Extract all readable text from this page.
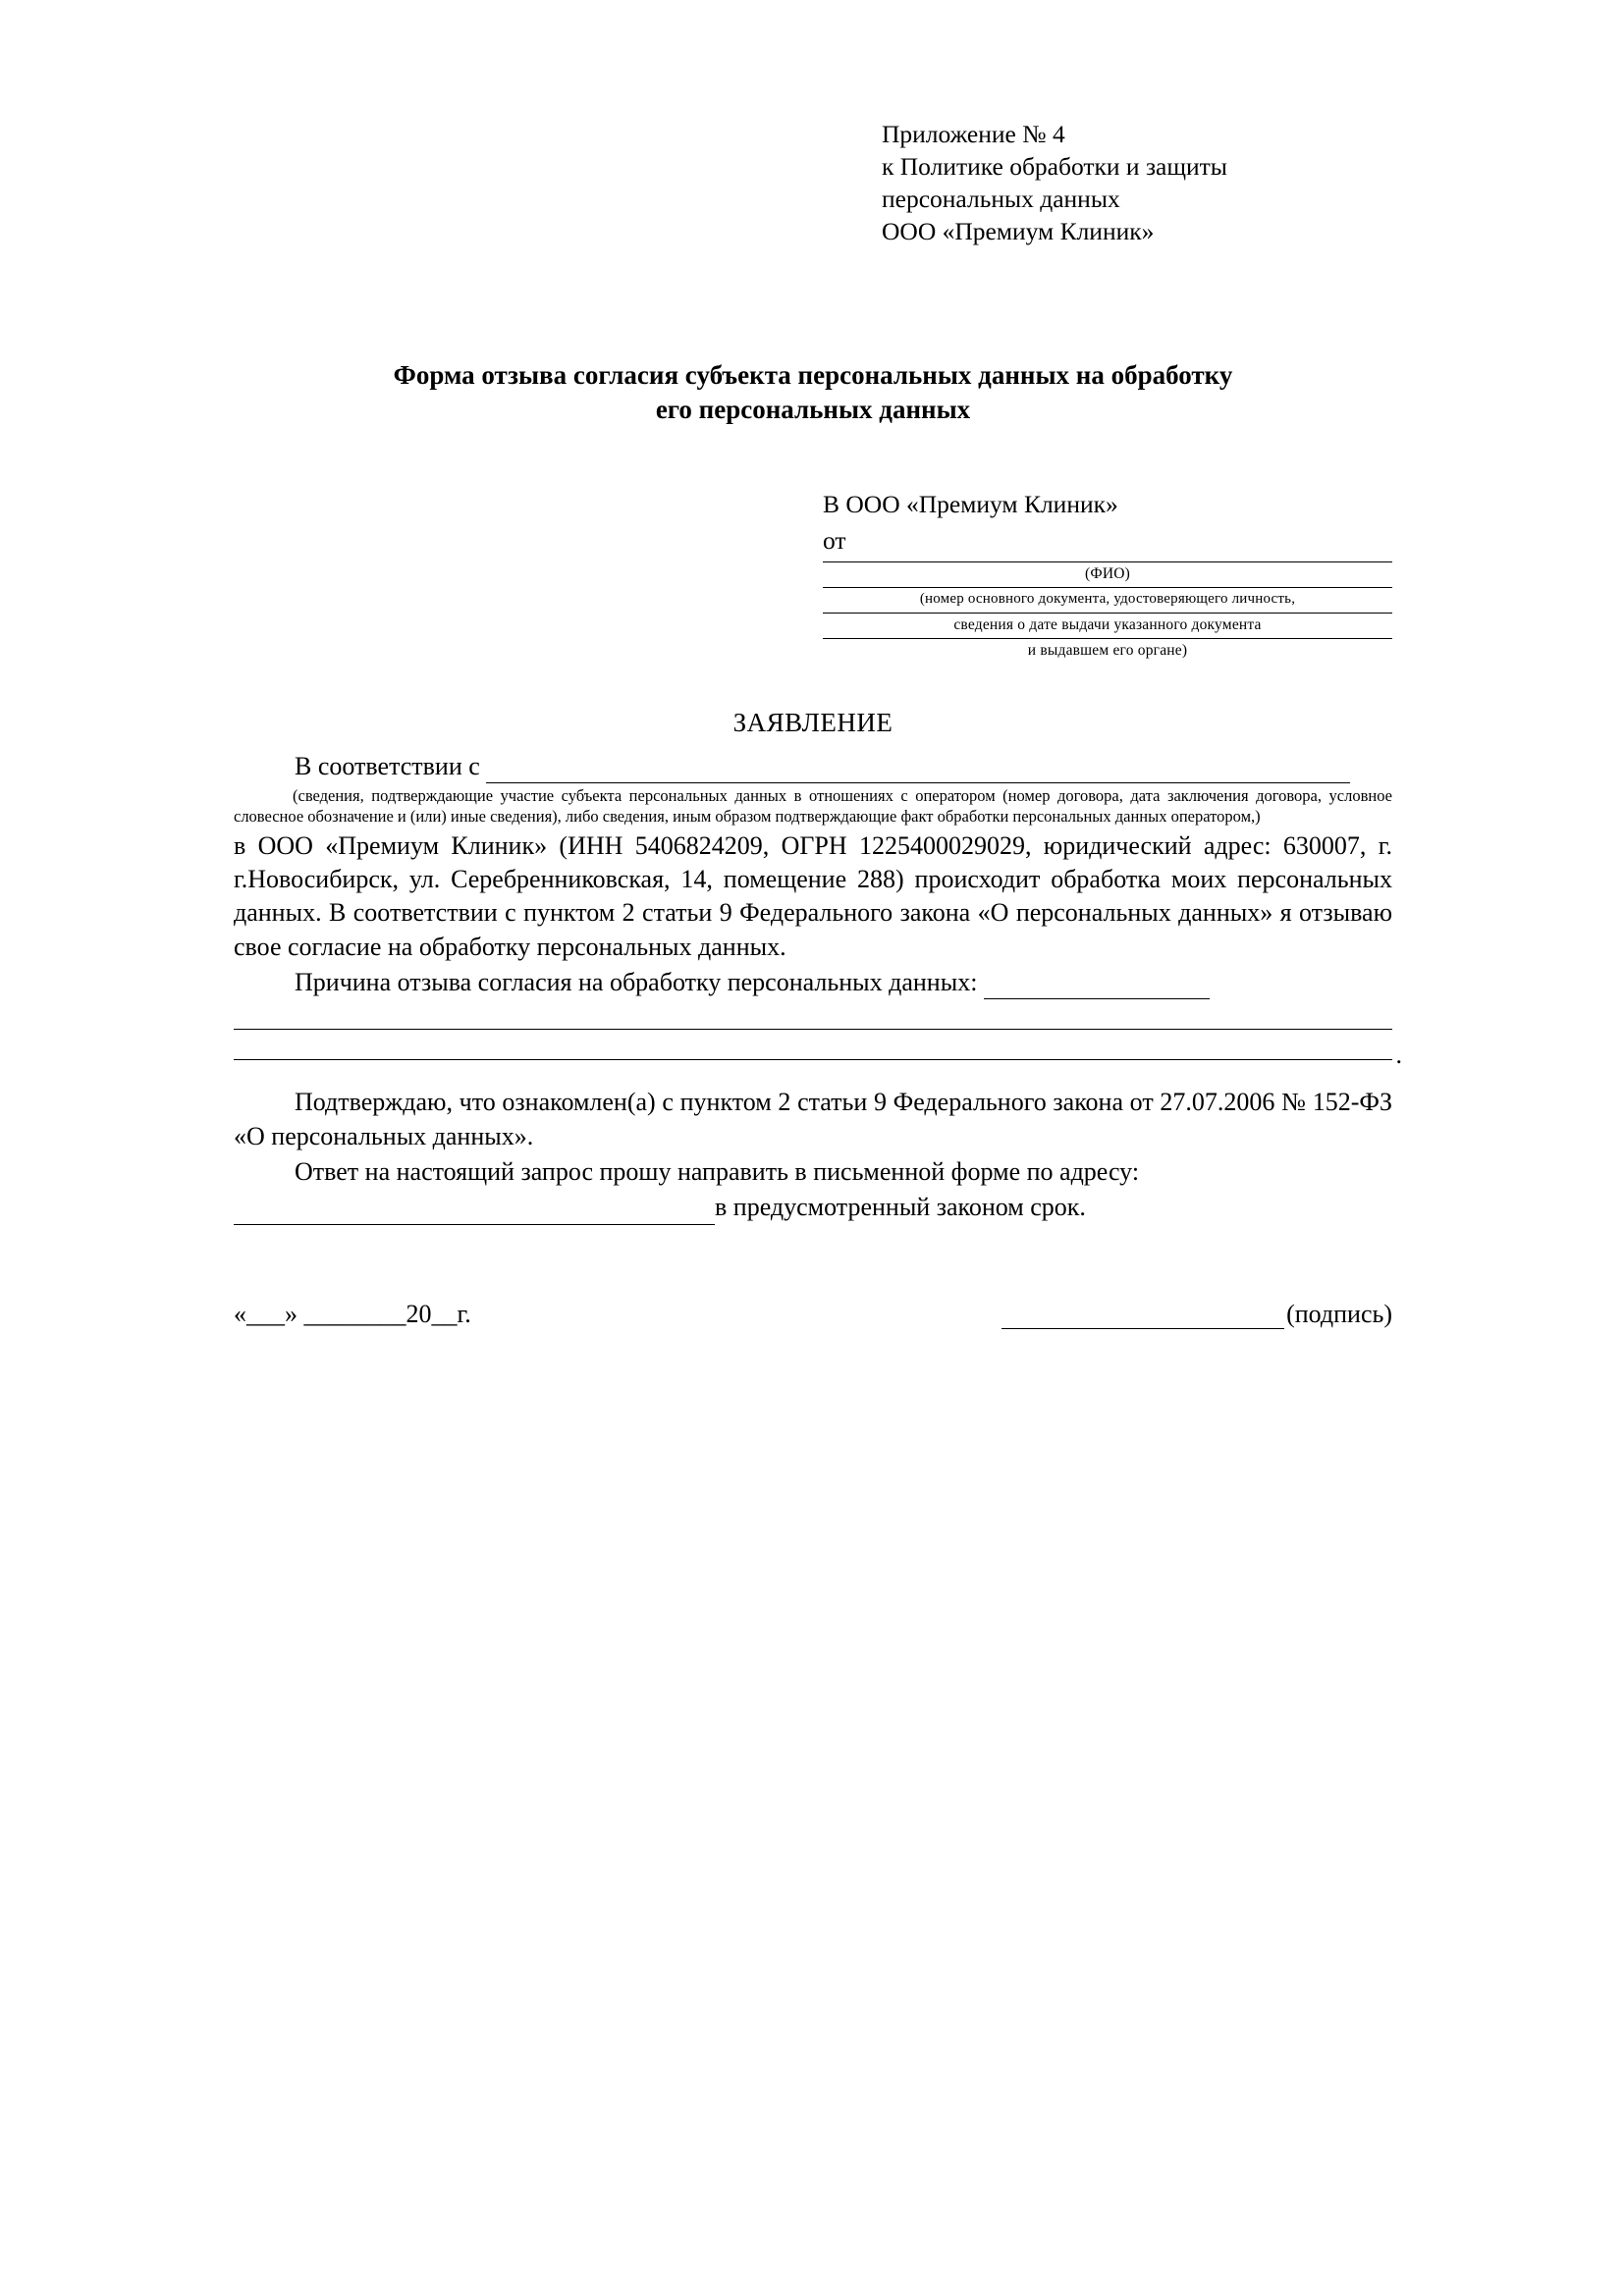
Приложение № 4
к Политике обработки и защиты
персональных данных
ООО «Премиум Клиник»
Форма отзыва согласия субъекта персональных данных на обработку
его персональных данных
В ООО «Премиум Клиник»
от
(ФИО)
(номер основного документа, удостоверяющего личность,
сведения о дате выдачи указанного документа
и выдавшем его органе)
ЗАЯВЛЕНИЕ
В соответствии с
(сведения, подтверждающие участие субъекта персональных данных в отношениях с оператором (номер договора, дата заключения договора, условное словесное обозначение и (или) иные сведения), либо сведения, иным образом подтверждающие факт обработки персональных данных оператором,)
в ООО «Премиум Клиник» (ИНН 5406824209, ОГРН 1225400029029, юридический адрес: 630007, г. г.Новосибирск, ул. Серебренниковская, 14, помещение 288) происходит обработка моих персональных данных. В соответствии с пунктом 2 статьи 9 Федерального закона «О персональных данных» я отзываю свое согласие на обработку персональных данных.
Причина отзыва согласия на обработку персональных данных:
.
Подтверждаю, что ознакомлен(а) с пунктом 2 статьи 9 Федерального закона от 27.07.2006 № 152-ФЗ «О персональных данных».
Ответ на настоящий запрос прошу направить в письменной форме по адресу:
в предусмотренный законом срок.
«___» ________20__г.	(подпись)
